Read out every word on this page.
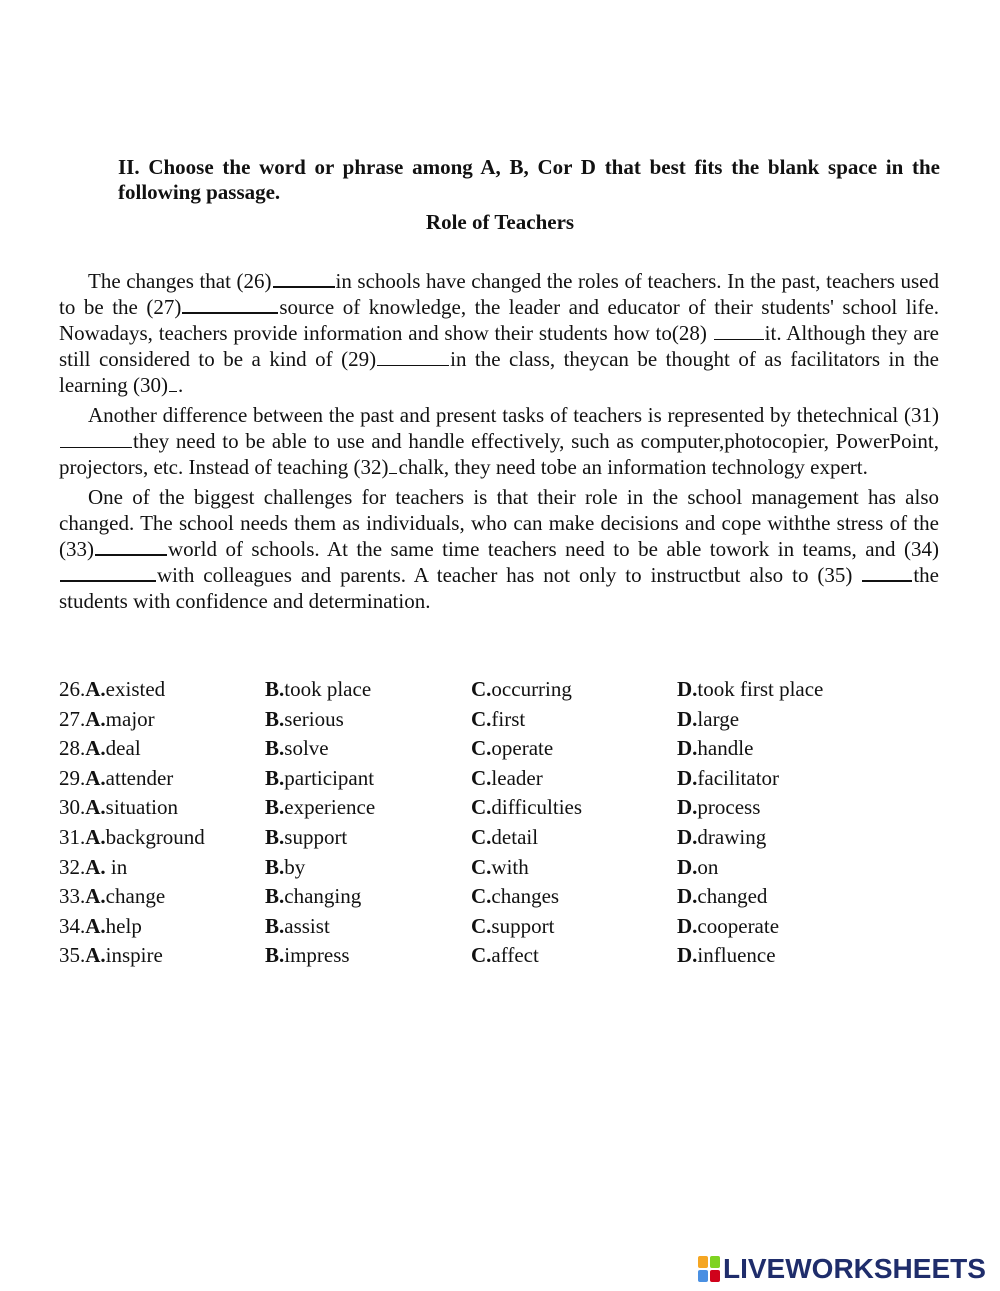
II. Choose the word or phrase among A, B, Cor D that best fits the blank space in the following passage.
Role of Teachers

The changes that (26)	in schools have changed the roles of teachers. In the past, teachers used to be the (27)	source of knowledge, the leader and educator of their students' school life. Nowadays, teachers provide information and show their students how to(28)	it. Although they are still considered to be a kind of (29)	in the class, theycan be thought of as facilitators in the learning (30) .

Another difference between the past and present tasks of teachers is represented by thetechnical (31)they need to be able to use and handle effectively, such as computer,photocopier, PowerPoint, projectors, etc. Instead of teaching (32) chalk, they need tobe an information technology expert.

One of the biggest challenges for teachers is that their role in the school management has also changed. The school needs them as individuals, who can make decisions and cope withthe stress of the (33)	world of schools. At the same time teachers need to be able towork in teams, and (34)with colleagues and parents. A teacher has not only to instructbut also to (35)	the students with confidence and determination.

26.A.existed	B.took place	C.occurring	D.took first place
27.A.major	B.serious	C.first	D.large
28.A.deal	B.solve	C.operate	D.handle
29.A.attender	B.participant	C.leader	D.facilitator
30.A.situation	B.experience	C.difficulties	D.process
31.A.background	B.support	C.detail	D.drawing
32.A. in	B.by	C.with	D.on
33.A.change	B.changing	C.changes	D.changed
34.A.help	B.assist	C.support	D.cooperate
35.A.inspire	B.impress	C.affect	D.influence
LIVEWORKSHEETS
